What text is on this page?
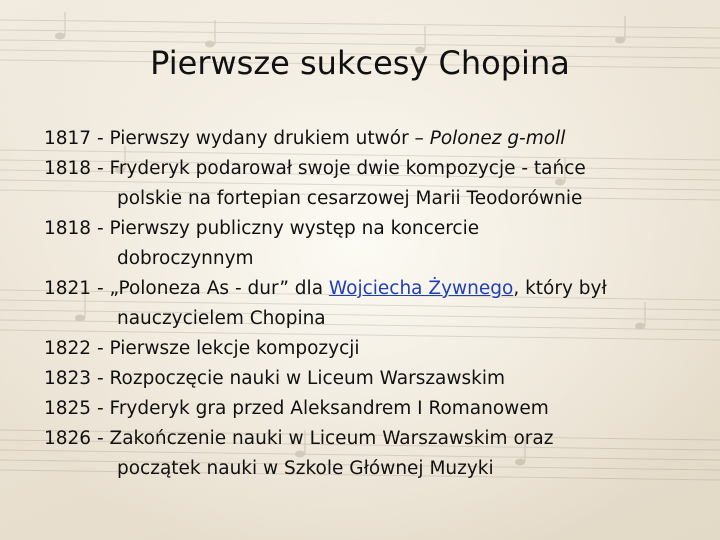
Pierwsze sukcesy Chopina
1817 - Pierwszy wydany drukiem utwór – Polonez g-moll
1818 - Fryderyk podarował swoje dwie kompozycje - tańce
polskie na fortepian cesarzowej Marii Teodorównie
1818 - Pierwszy publiczny występ na koncercie
dobroczynnym
1821 - „Poloneza As - dur” dla Wojciecha Żywnego, który był
nauczycielem Chopina
1822 - Pierwsze lekcje kompozycji
1823 - Rozpoczęcie nauki w Liceum Warszawskim
1825 - Fryderyk gra przed Aleksandrem I Romanowem
1826 - Zakończenie nauki w Liceum Warszawskim oraz
początek nauki w Szkole Głównej Muzyki
